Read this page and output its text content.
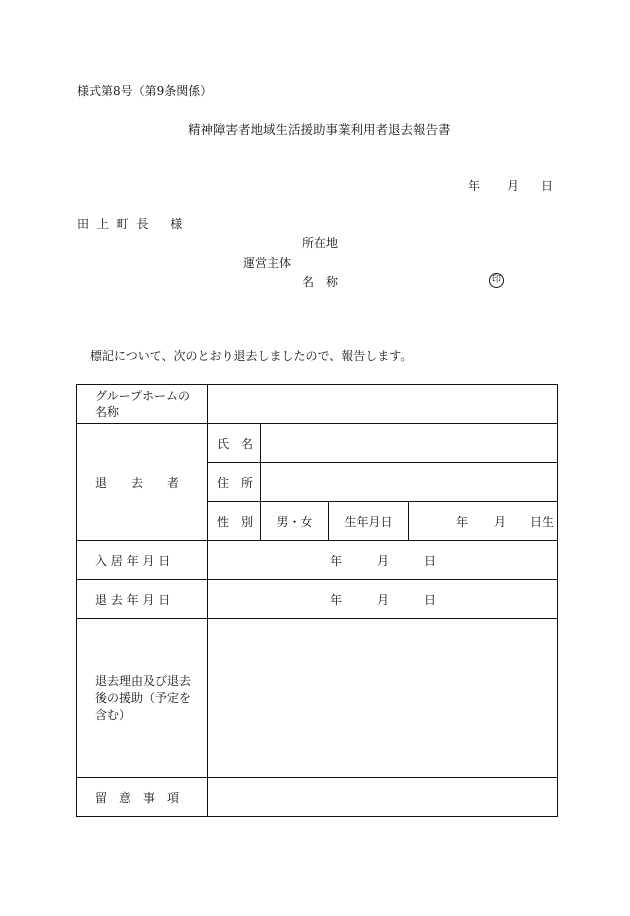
様式第8号（第9条関係）
精神障害者地域生活援助事業利用者退去報告書
年 月 日
田 上 町 長　 様
所在地
運営主体
名　称	印
標記について、次のとおり退去しましたので、報告します。
グループホームの名称				
退　　去　　者	氏　名			
	住　所			
	性　別	男・女	生年月日	年 月 日生

入 居 年 月 日	年 月 日			

退 去 年 月 日	年 月 日			

退去理由及び退去後の援助（予定を含む）				
留　意　事　項				
